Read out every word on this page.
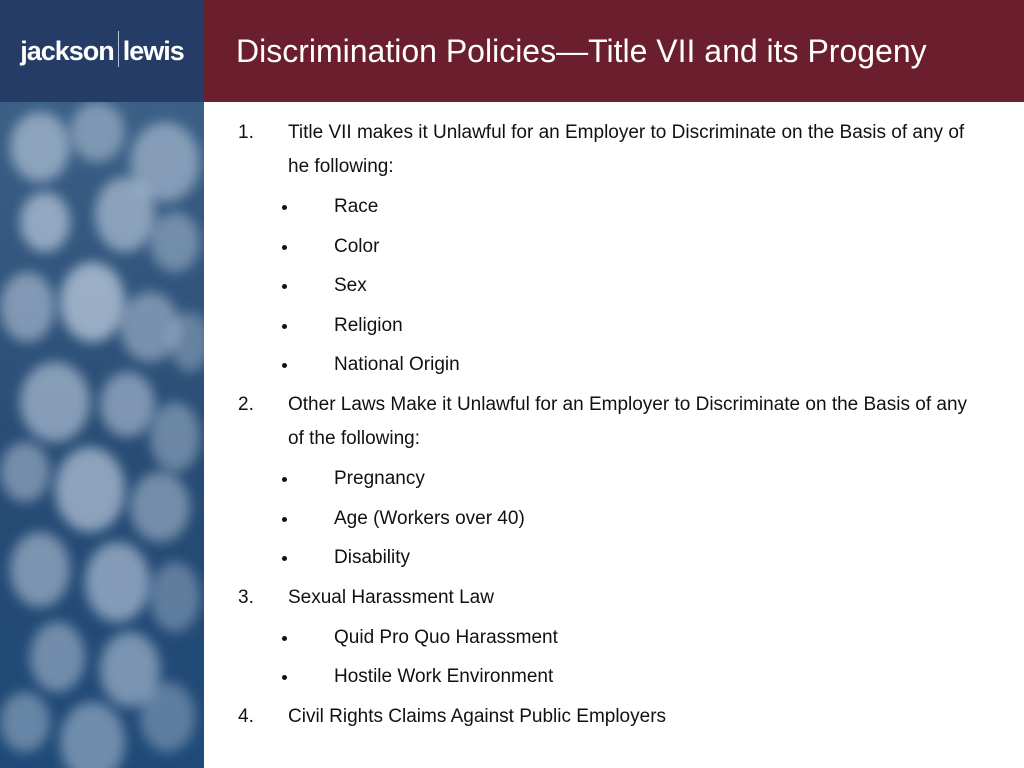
jackson lewis Discrimination Policies—Title VII and its Progeny
1. Title VII makes it Unlawful for an Employer to Discriminate on the Basis of any of he following:
Race
Color
Sex
Religion
National Origin
2. Other Laws Make it Unlawful for an Employer to Discriminate on the Basis of any of the following:
Pregnancy
Age (Workers over 40)
Disability
3. Sexual Harassment Law
Quid Pro Quo Harassment
Hostile Work Environment
4. Civil Rights Claims Against Public Employers
